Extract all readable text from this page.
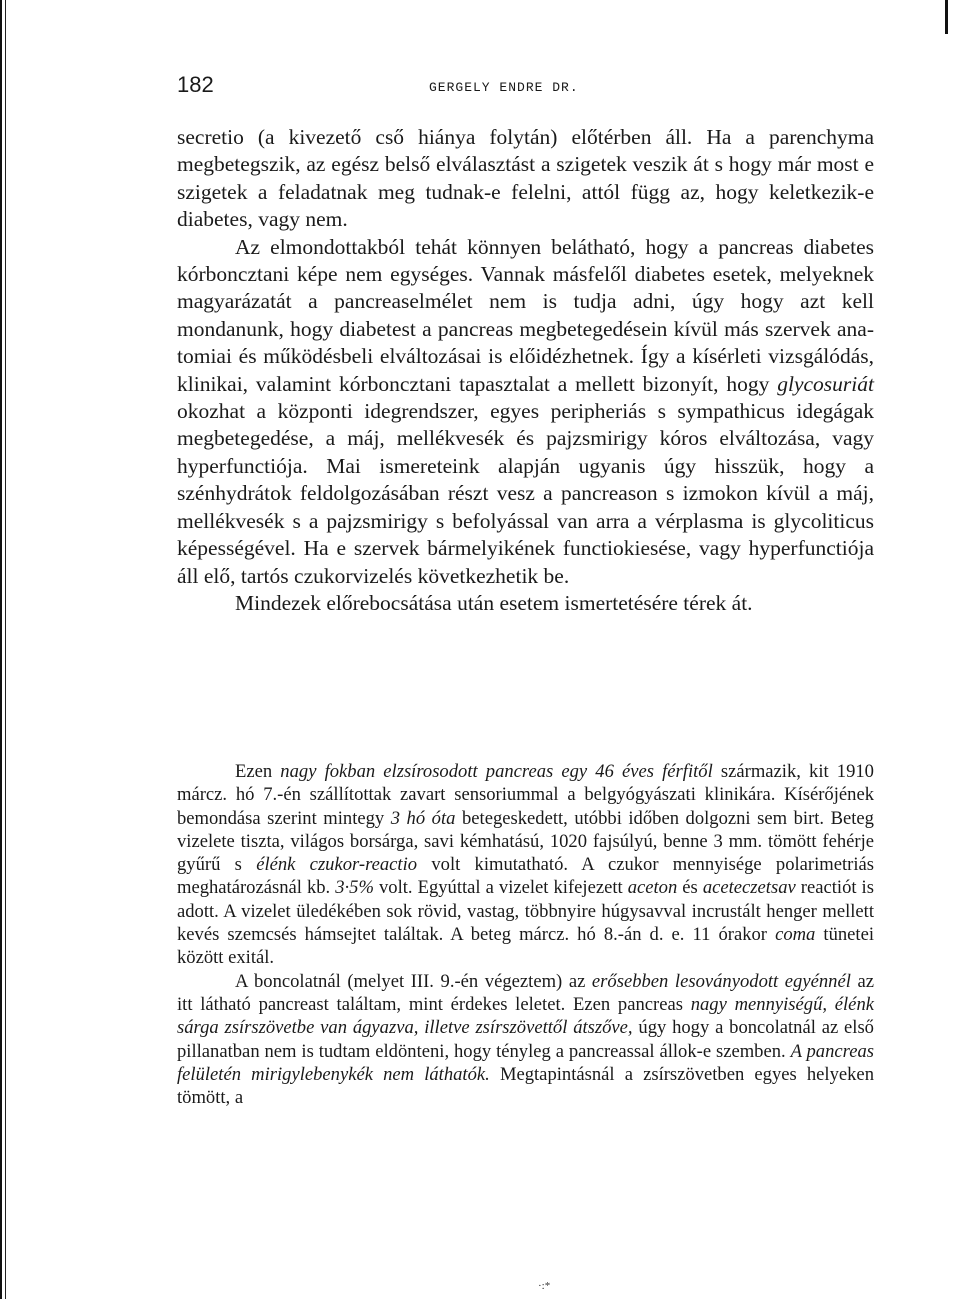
182	GERGELY ENDRE DR.

secretio (a kivezető cső hiánya folytán) előtérben áll. Ha a parenchyma megbetegszik, az egész belső elválasztást a szigetek veszik át s hogy már most e szigetek a feladatnak meg tudnak-e felelni, attól függ az, hogy keletkezik-e diabetes, vagy nem.

Az elmondottakból tehát könnyen belátható, hogy a pancreas diabetes kórboncztani képe nem egységes. Vannak másfelől diabetes esetek, melyeknek magyarázatát a pancreaselmélet nem is tudja adni, úgy hogy azt kell mondanunk, hogy diabetest a pancreas megbetegedésein kívül más szervek anatomiai és működésbeli elváltozásai is előidézhetnek. Így a kísérleti vizsgálódás, klinikai, valamint kórboncztani tapasztalat a mellett bizonyít, hogy glycosuriát okozhat a központi idegrendszer, egyes peripheriás s sympathicus idegágak megbetegedése, a máj, mellékvesék és pajzsmirigy kóros elváltozása, vagy hyperfunctiója. Mai ismereteink alapján ugyanis úgy hisszük, hogy a szénhydrátok feldolgozásában részt vesz a pancreason s izmokon kívül a máj, mellékvesék s a pajzsmirigy s befolyással van arra a vérplasma is glycoliticus képességével. Ha e szervek bármelyikének functiokiesése, vagy hyperfunctiója áll elő, tartós czukorvizelés következhetik be.

Mindezek előrebocsátása után esetem ismertetésére térek át.

Ezen nagy fokban elzsírosodott pancreas egy 46 éves férfitől származik, kit 1910 márcz. hó 7.-én szállítottak zavart sensoriummal a belgyógyászati klinikára. Kísérőjének bemondása szerint mintegy 3 hó óta betegeskedett, utóbbi időben dolgozni sem birt. Beteg vizelete tiszta, világos borsárga, savi kémhatású, 1020 fajsúlyú, benne 3 mm. tömött fehérje gyűrű s élénk czukor-reactio volt kimutatható. A czukor mennyisége polarimetriás meghatározásnál kb. 3·5% volt. Egyúttal a vizelet kifejezett aceton és aceteczetsav reactiót is adott. A vizelet üledékében sok rövid, vastag, többnyire húgysavval incrustált henger mellett kevés szemcsés hámsejtet találtak. A beteg márcz. hó 8.-án d. e. 11 órakor coma tünetei között exitál.

A boncolatnál (melyet III. 9.-én végeztem) az erősebben lesoványodott egyénnél az itt látható pancreast találtam, mint érdekes leletet. Ezen pancreas nagy mennyiségű, élénk sárga zsírszövetbe van ágyazva, illetve zsírszövettől átszőve, úgy hogy a boncolatnál az első pillanatban nem is tudtam eldönteni, hogy tényleg a pancreassal állok-e szemben. A pancreas felületén mirigylebenykék nem láthatók. Megtapintásnál a zsírszövetben egyes helyeken tömött, a

·:*
